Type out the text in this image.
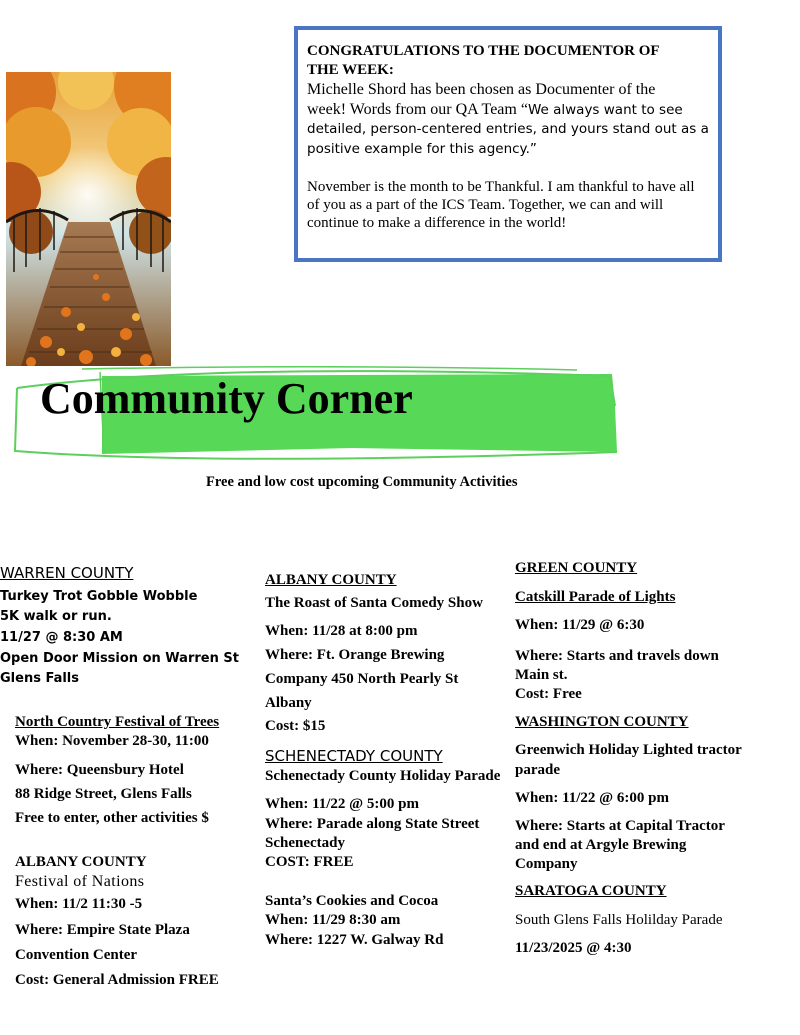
CONGRATULATIONS TO THE DOCUMENTOR OF
THE WEEK:
Michelle Shord has been chosen as Documenter of the
week! Words from our QA Team “We always want to see
detailed, person-centered entries, and yours stand out as a
positive example for this agency.”
November is the month to be Thankful. I am thankful to have all
of you as a part of the ICS Team. Together, we can and will
continue to make a difference in the world!
Community Corner
Free and low cost upcoming Community Activities
WARREN COUNTY
Turkey Trot Gobble Wobble
5K walk or run.
11/27 @ 8:30 AM
Open Door Mission on Warren St
Glens Falls
North Country Festival of Trees
When: November 28-30, 11:00
Where: Queensbury Hotel
88 Ridge Street, Glens Falls
Free to enter, other activities $
ALBANY COUNTY
Festival of Nations
When: 11/2 11:30 -5
Where: Empire State Plaza
Convention Center
Cost: General Admission FREE
ALBANY COUNTY
The Roast of Santa Comedy Show
When: 11/28 at 8:00 pm
Where: Ft. Orange Brewing
Company 450 North Pearly St
Albany
Cost: $15
SCHENECTADY COUNTY
Schenectady County Holiday Parade
When: 11/22 @ 5:00 pm
Where: Parade along State Street
Schenectady
COST: FREE
Santa’s Cookies and Cocoa
When: 11/29 8:30 am
Where: 1227 W. Galway Rd
GREEN COUNTY
Catskill Parade of Lights
When: 11/29 @ 6:30
Where: Starts and travels down
Main st.
Cost: Free
WASHINGTON COUNTY
Greenwich Holiday Lighted tractor
parade
When: 11/22 @ 6:00 pm
Where: Starts at Capital Tractor
and end at Argyle Brewing
Company
SARATOGA COUNTY
South Glens Falls Holilday Parade
11/23/2025 @ 4:30
